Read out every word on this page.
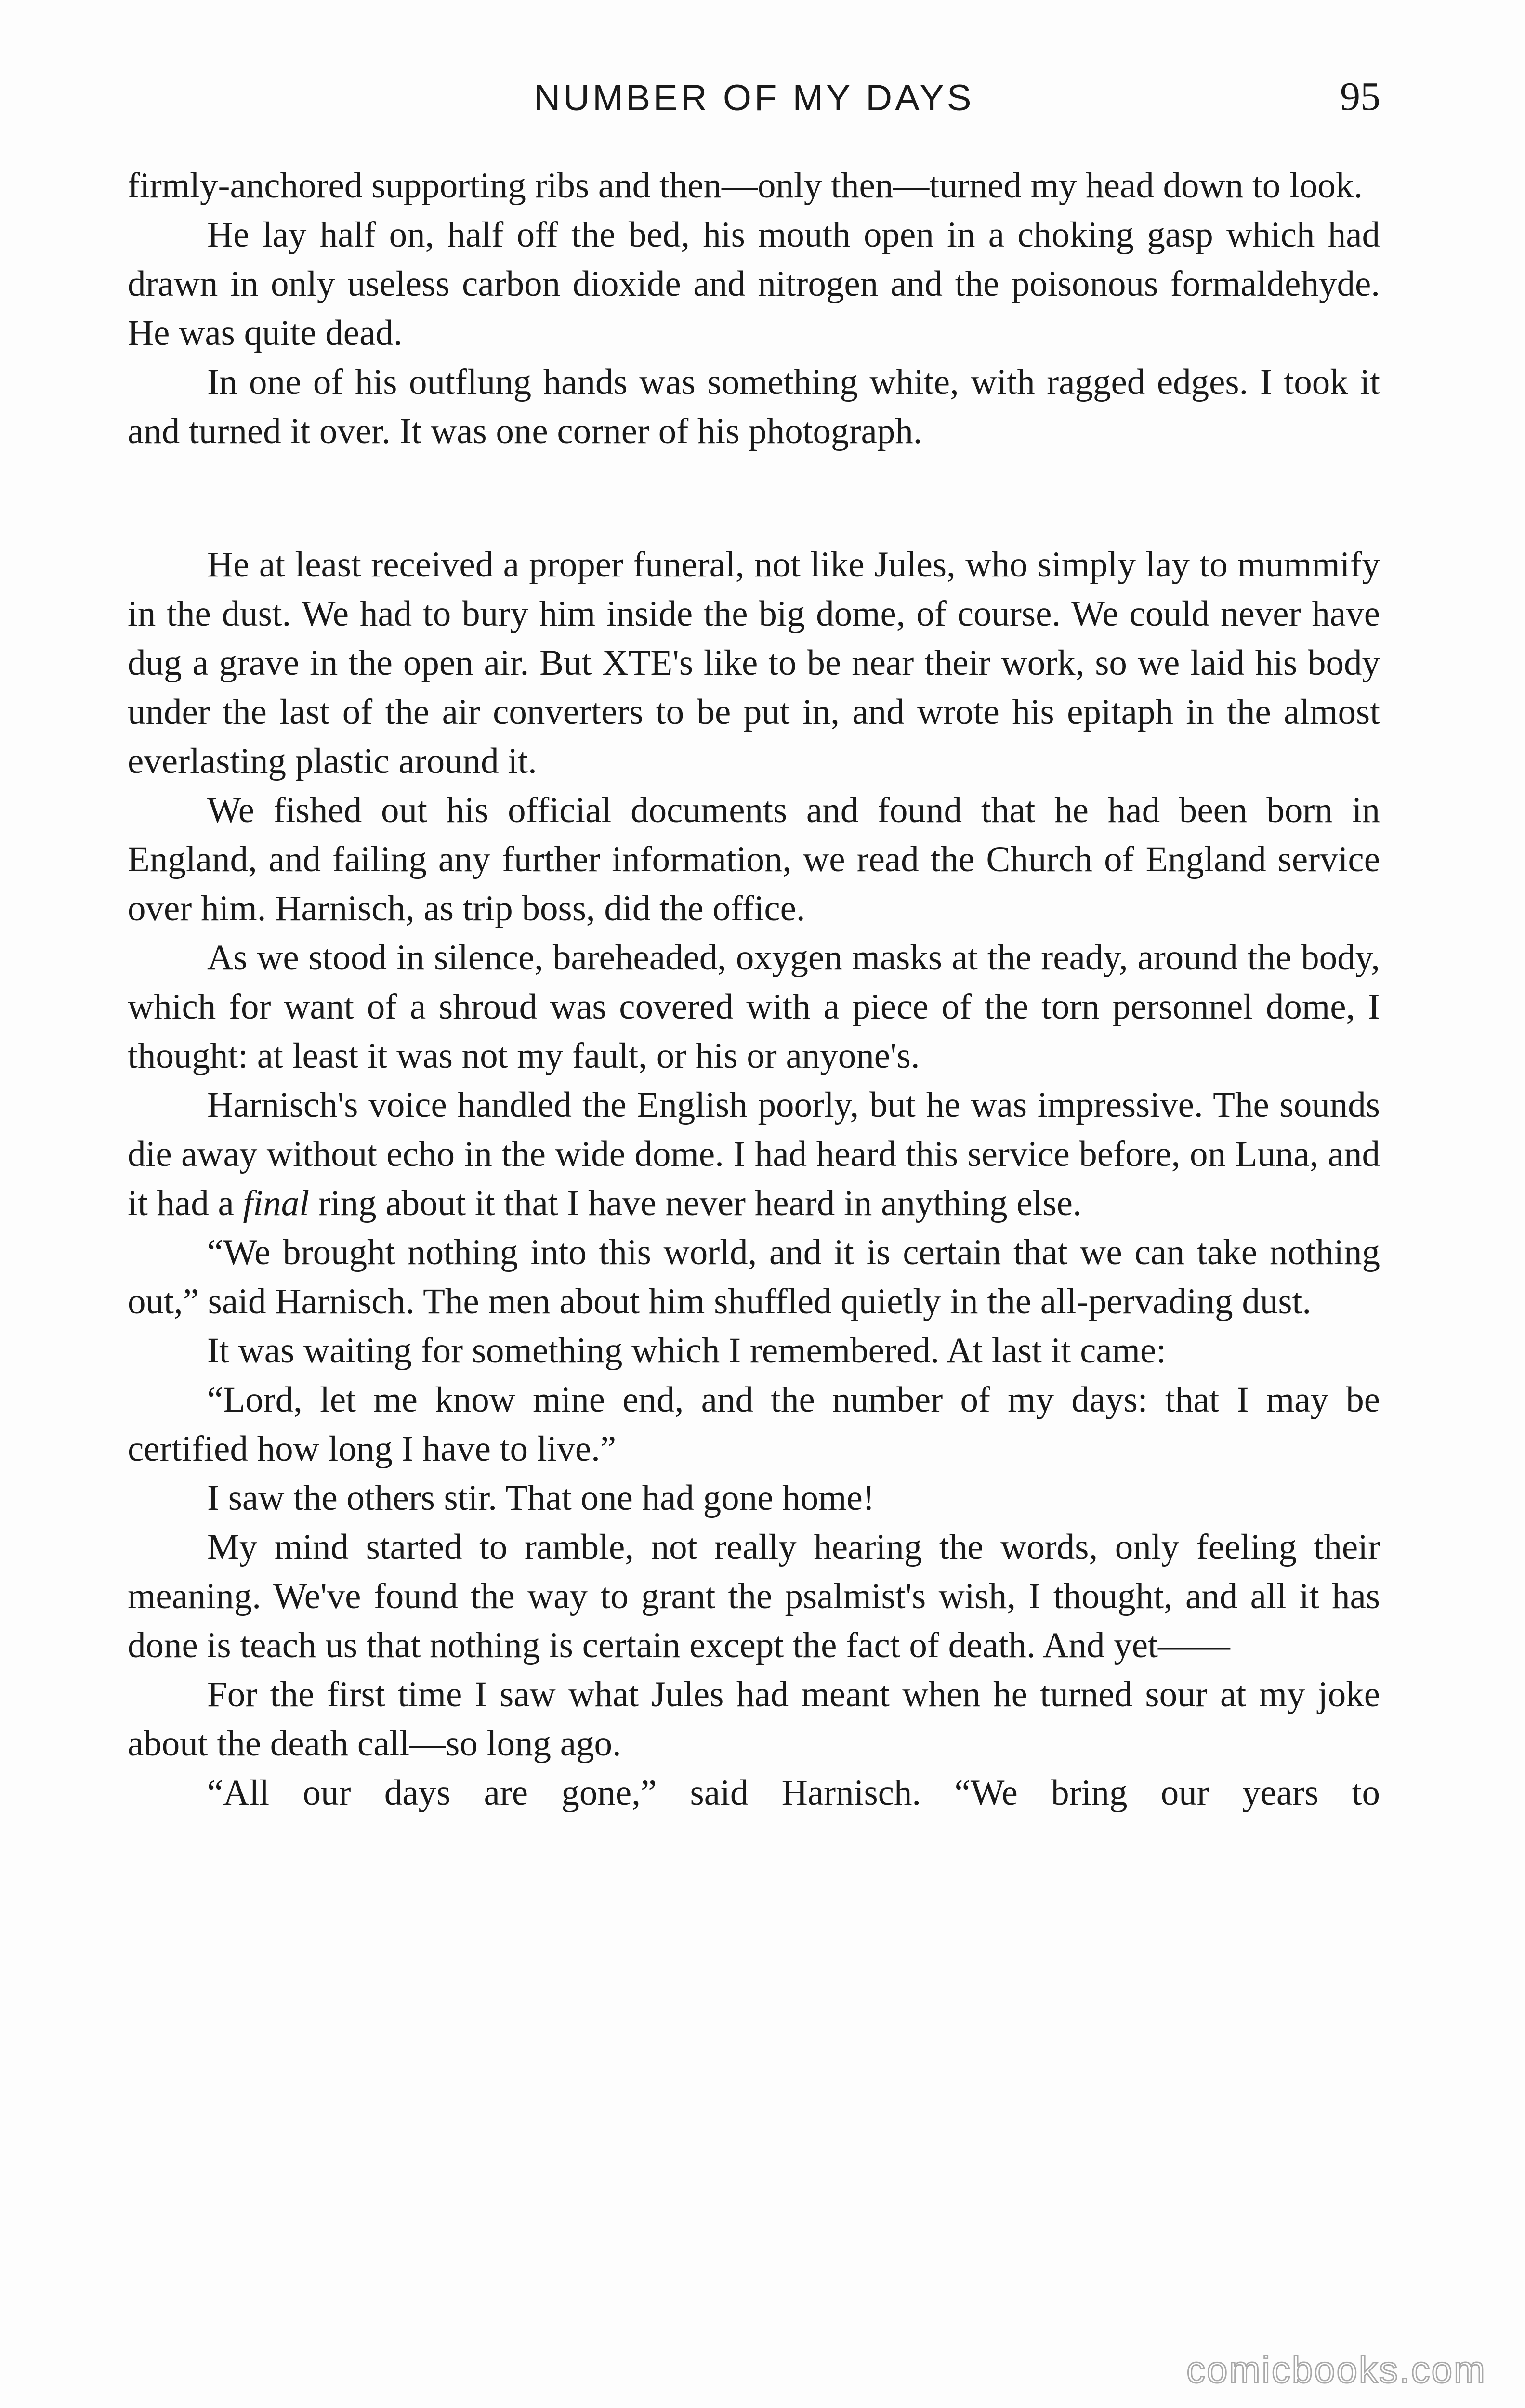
NUMBER OF MY DAYS	95

firmly-anchored supporting ribs and then—only then—turned my head down to look.

He lay half on, half off the bed, his mouth open in a choking gasp which had drawn in only useless carbon dioxide and nitrogen and the poisonous formaldehyde. He was quite dead.

In one of his outflung hands was something white, with ragged edges. I took it and turned it over. It was one corner of his photograph.

He at least received a proper funeral, not like Jules, who simply lay to mummify in the dust. We had to bury him inside the big dome, of course. We could never have dug a grave in the open air. But XTE's like to be near their work, so we laid his body under the last of the air converters to be put in, and wrote his epitaph in the almost everlasting plastic around it.

We fished out his official documents and found that he had been born in England, and failing any further information, we read the Church of England service over him. Harnisch, as trip boss, did the office.

As we stood in silence, bareheaded, oxygen masks at the ready, around the body, which for want of a shroud was covered with a piece of the torn personnel dome, I thought: at least it was not my fault, or his or anyone's.

Harnisch's voice handled the English poorly, but he was impressive. The sounds die away without echo in the wide dome. I had heard this service before, on Luna, and it had a final ring about it that I have never heard in anything else.

“We brought nothing into this world, and it is certain that we can take nothing out,” said Harnisch. The men about him shuffled quietly in the all-pervading dust.

It was waiting for something which I remembered. At last it came:

“Lord, let me know mine end, and the number of my days: that I may be certified how long I have to live.”

I saw the others stir. That one had gone home!

My mind started to ramble, not really hearing the words, only feeling their meaning. We've found the way to grant the psalmist's wish, I thought, and all it has done is teach us that nothing is certain except the fact of death. And yet——

For the first time I saw what Jules had meant when he turned sour at my joke about the death call—so long ago.

“All our days are gone,” said Harnisch. “We bring our years to

comicbooks.com
